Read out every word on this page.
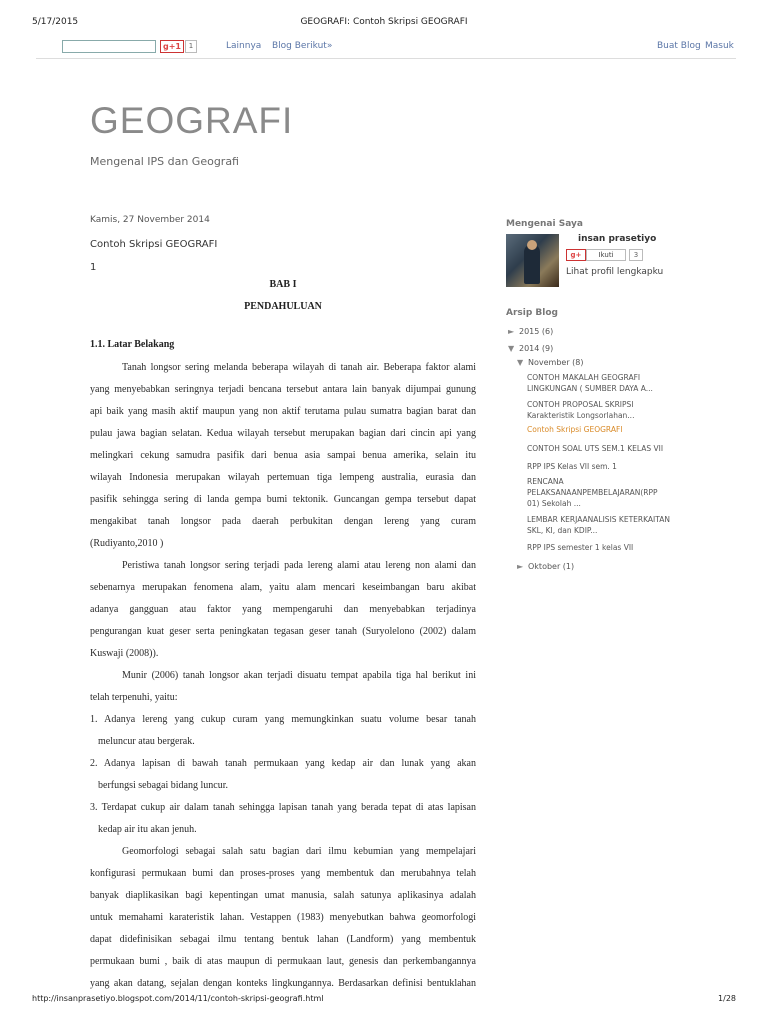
5/17/2015	GEOGRAFI: Contoh Skripsi GEOGRAFI
g+1	1	Lainnya Blog Berikut»	Buat Blog Masuk
GEOGRAFI
Mengenal IPS dan Geografi
Kamis, 27 November 2014
Contoh Skripsi GEOGRAFI
1
BAB I
PENDAHULUAN
1.1. Latar Belakang
Tanah longsor sering melanda beberapa wilayah di tanah air. Beberapa faktor alami
yang menyebabkan seringnya terjadi bencana tersebut antara lain banyak dijumpai gunung
api baik yang masih aktif maupun yang non aktif terutama pulau sumatra bagian barat dan
pulau jawa bagian selatan. Kedua wilayah tersebut merupakan bagian dari cincin api yang
melingkari cekung samudra pasifik dari benua asia sampai benua amerika, selain itu
wilayah Indonesia merupakan wilayah pertemuan tiga lempeng australia, eurasia dan
pasifik sehingga sering di landa gempa bumi tektonik. Guncangan gempa tersebut dapat
mengakibat tanah longsor pada daerah perbukitan dengan lereng yang curam
(Rudiyanto,2010 )
Peristiwa tanah longsor sering terjadi pada lereng alami atau lereng non alami dan
sebenarnya merupakan fenomena alam, yaitu alam mencari keseimbangan baru akibat
adanya gangguan atau faktor yang mempengaruhi dan menyebabkan terjadinya
pengurangan kuat geser serta peningkatan tegasan geser tanah (Suryolelono (2002) dalam
Kuswaji (2008)).
Munir (2006) tanah longsor akan terjadi disuatu tempat apabila tiga hal berikut ini
telah terpenuhi, yaitu:
1. Adanya lereng yang cukup curam yang memungkinkan suatu volume besar tanah
meluncur atau bergerak.
2. Adanya lapisan di bawah tanah permukaan yang kedap air dan lunak yang akan
berfungsi sebagai bidang luncur.
3. Terdapat cukup air dalam tanah sehingga lapisan tanah yang berada tepat di atas lapisan
kedap air itu akan jenuh.
Geomorfologi sebagai salah satu bagian dari ilmu kebumian yang mempelajari
konfigurasi permukaan bumi dan proses-proses yang membentuk dan merubahnya telah
banyak diaplikasikan bagi kepentingan umat manusia, salah satunya aplikasinya adalah
untuk memahami karateristik lahan. Vestappen (1983) menyebutkan bahwa geomorfologi
dapat didefinisikan sebagai ilmu tentang bentuk lahan (Landform) yang membentuk
permukaan bumi , baik di atas maupun di permukaan laut, genesis dan perkembangannya
yang akan datang, sejalan dengan konteks lingkungannya. Berdasarkan definisi bentuklahan
Mengenai Saya
insan prasetiyo
g+	Ikuti	3
Lihat profil lengkapku
Arsip Blog
► 2015 (6)
▼ 2014 (9)
▼ November (8)
CONTOH MAKALAH GEOGRAFI LINGKUNGAN ( SUMBER DAYA A...
CONTOH PROPOSAL SKRIPSI Karakteristik Longsorlahan...
Contoh Skripsi GEOGRAFI
CONTOH SOAL UTS SEM.1 KELAS VII
RPP IPS Kelas VII sem. 1
RENCANA PELAKSANAANPEMBELAJARAN(RPP 01) Sekolah ...
LEMBAR KERJAANALISIS KETERKAITAN SKL, KI, dan KDIP...
RPP IPS semester 1 kelas VII
► Oktober (1)
http://insanprasetiyo.blogspot.com/2014/11/contoh-skripsi-geografi.html	1/28
